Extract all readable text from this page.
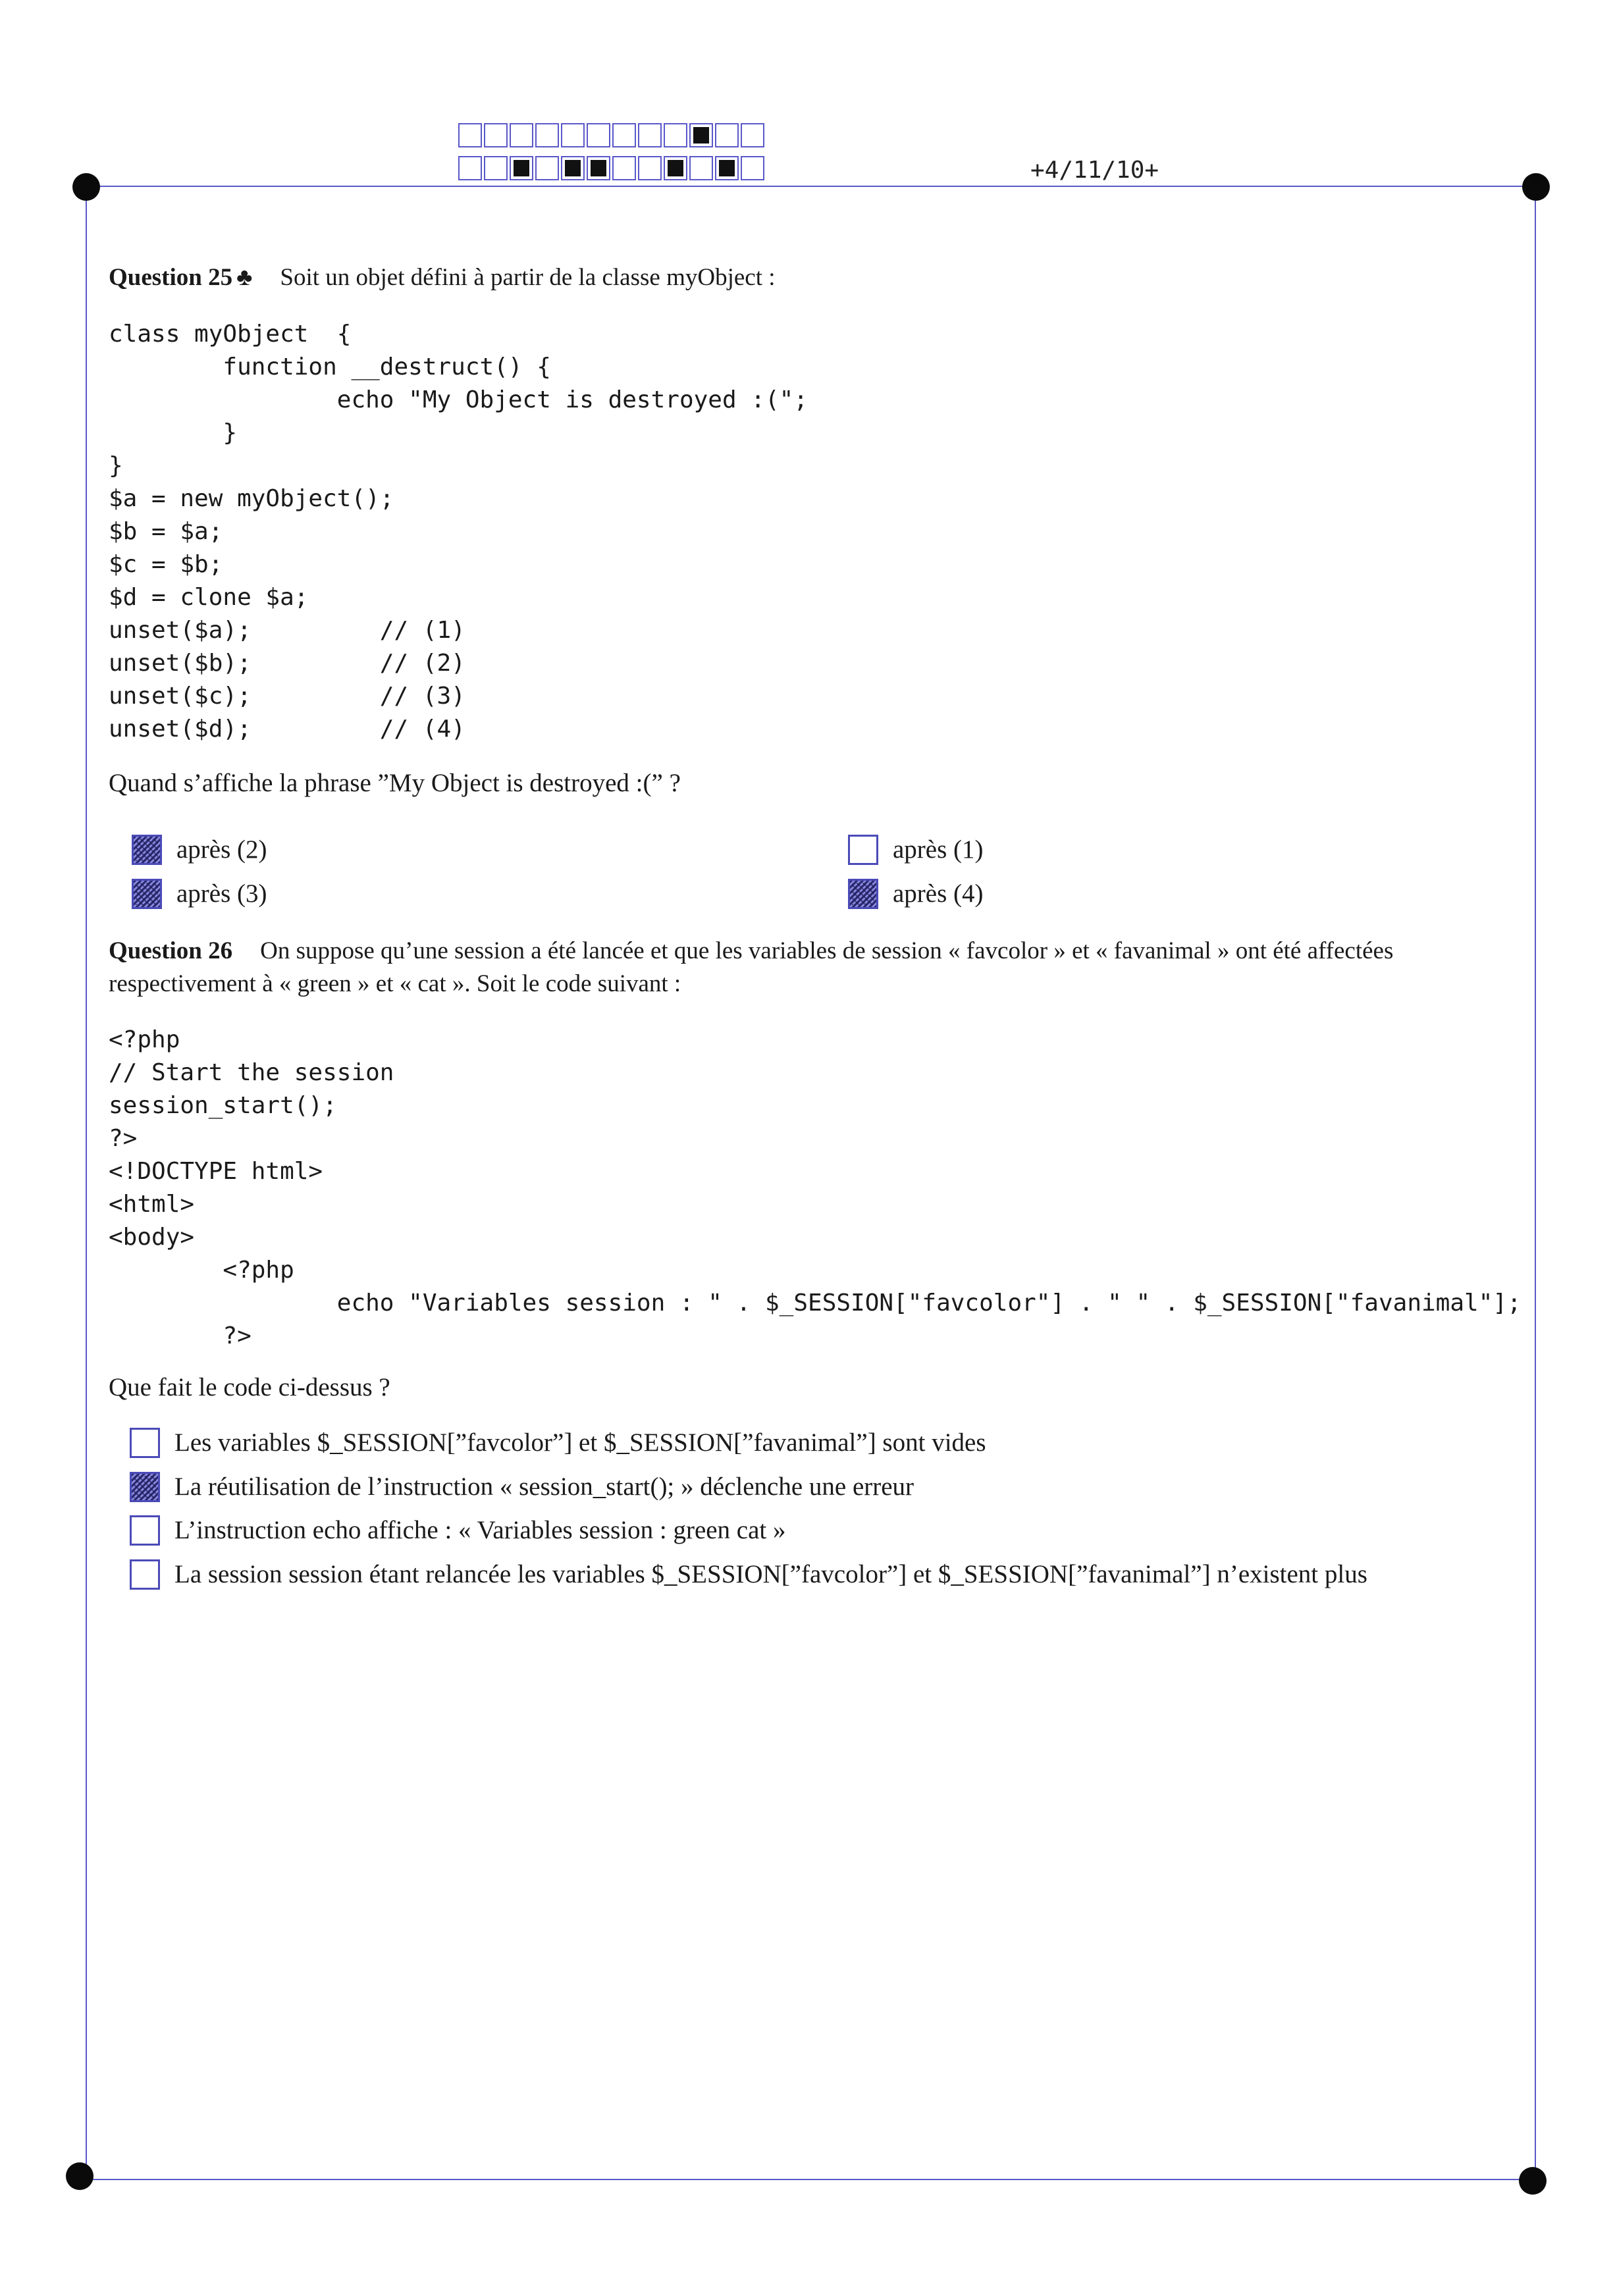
+4/11/10+
Question 25 ♣ Soit un objet défini à partir de la classe myObject :
class myObject  {
function __destruct() {
echo "My Object is destroyed :(";
}
}
$a = new myObject();
$b = $a;
$c = $b;
$d = clone $a;
unset($a);         // (1)
unset($b);         // (2)
unset($c);         // (3)
unset($d);         // (4)
Quand s’affiche la phrase ”My Object is destroyed :(” ?
après (2)	après (1)
après (3)	après (4)
Question 26 On suppose qu’une session a été lancée et que les variables de session « favcolor » et « favanimal » ont été affectées respectivement à « green » et « cat ». Soit le code suivant :
<?php
// Start the session
session_start();
?>
<!DOCTYPE html>
<html>
<body>
<?php
echo "Variables session : " . $_SESSION["favcolor"] . " " . $_SESSION["favanimal"];
?>
Que fait le code ci-dessus ?
Les variables $_SESSION[”favcolor”] et $_SESSION[”favanimal”] sont vides
La réutilisation de l’instruction « session_start(); » déclenche une erreur
L’instruction echo affiche : « Variables session : green cat »
La session session étant relancée les variables $_SESSION[”favcolor”] et $_SESSION[”favanimal”] n’existent plus
